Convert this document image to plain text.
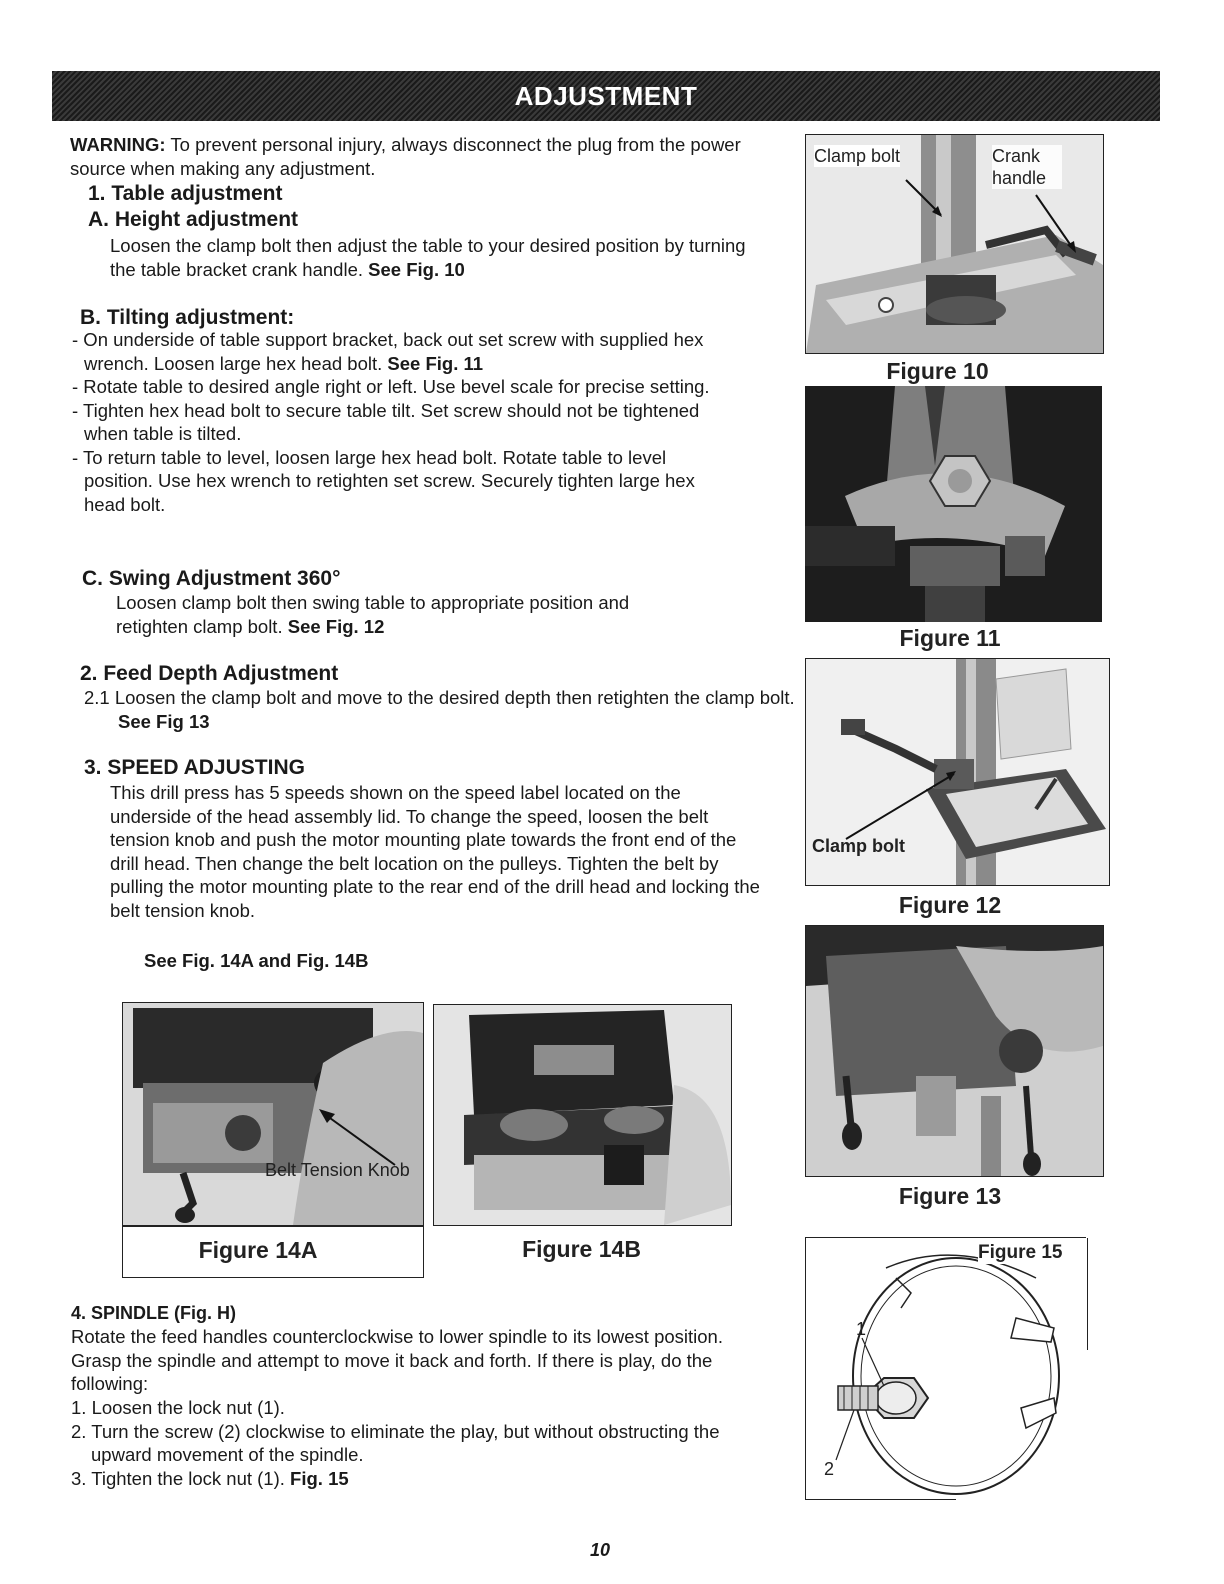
ADJUSTMENT

WARNING: To prevent personal injury, always disconnect the plug from the power source when making any adjustment.

1. Table adjustment

A. Height adjustment

Loosen the clamp bolt then adjust the table to your desired position by turning the table bracket crank handle. See Fig. 10

B. Tilting adjustment:

- On underside of table support bracket, back out set screw with supplied hex wrench. Loosen large hex head bolt. See Fig. 11
- Rotate table to desired angle right or left. Use bevel scale for precise setting.
- Tighten hex head bolt to secure table tilt. Set screw should not be tightened when table is tilted.
- To return table to level, loosen large hex head bolt. Rotate table to level position. Use hex wrench to retighten set screw. Securely tighten large hex head bolt.

C. Swing Adjustment 360°

Loosen clamp bolt then swing table to appropriate position and retighten clamp bolt. See Fig. 12

2. Feed Depth Adjustment

2.1 Loosen the clamp bolt and move to the desired depth then retighten the clamp bolt. See Fig 13

3. SPEED ADJUSTING

This drill press has 5 speeds shown on the speed label located on the underside of the head assembly lid. To change the speed, loosen the belt tension knob and push the motor mounting plate towards the front end of the drill head. Then change the belt location on the pulleys. Tighten the belt by pulling the motor mounting plate to the rear end of the drill head and locking the belt tension knob.

See Fig. 14A and Fig. 14B

Belt Tension Knob
Figure 14A	Figure 14B

4. SPINDLE (Fig. H)

Rotate the feed handles counterclockwise to lower spindle to its lowest position. Grasp the spindle and attempt to move it back and forth. If there is play, do the following:

1. Loosen the lock nut (1).
2. Turn the screw (2) clockwise to eliminate the play, but without obstructing the upward movement of the spindle.
3. Tighten the lock nut (1). Fig. 15
Clamp bolt	Crank handle
Figure 10
Figure 11
Clamp bolt
Figure 12
Figure 13
Figure 15
1
2
10
